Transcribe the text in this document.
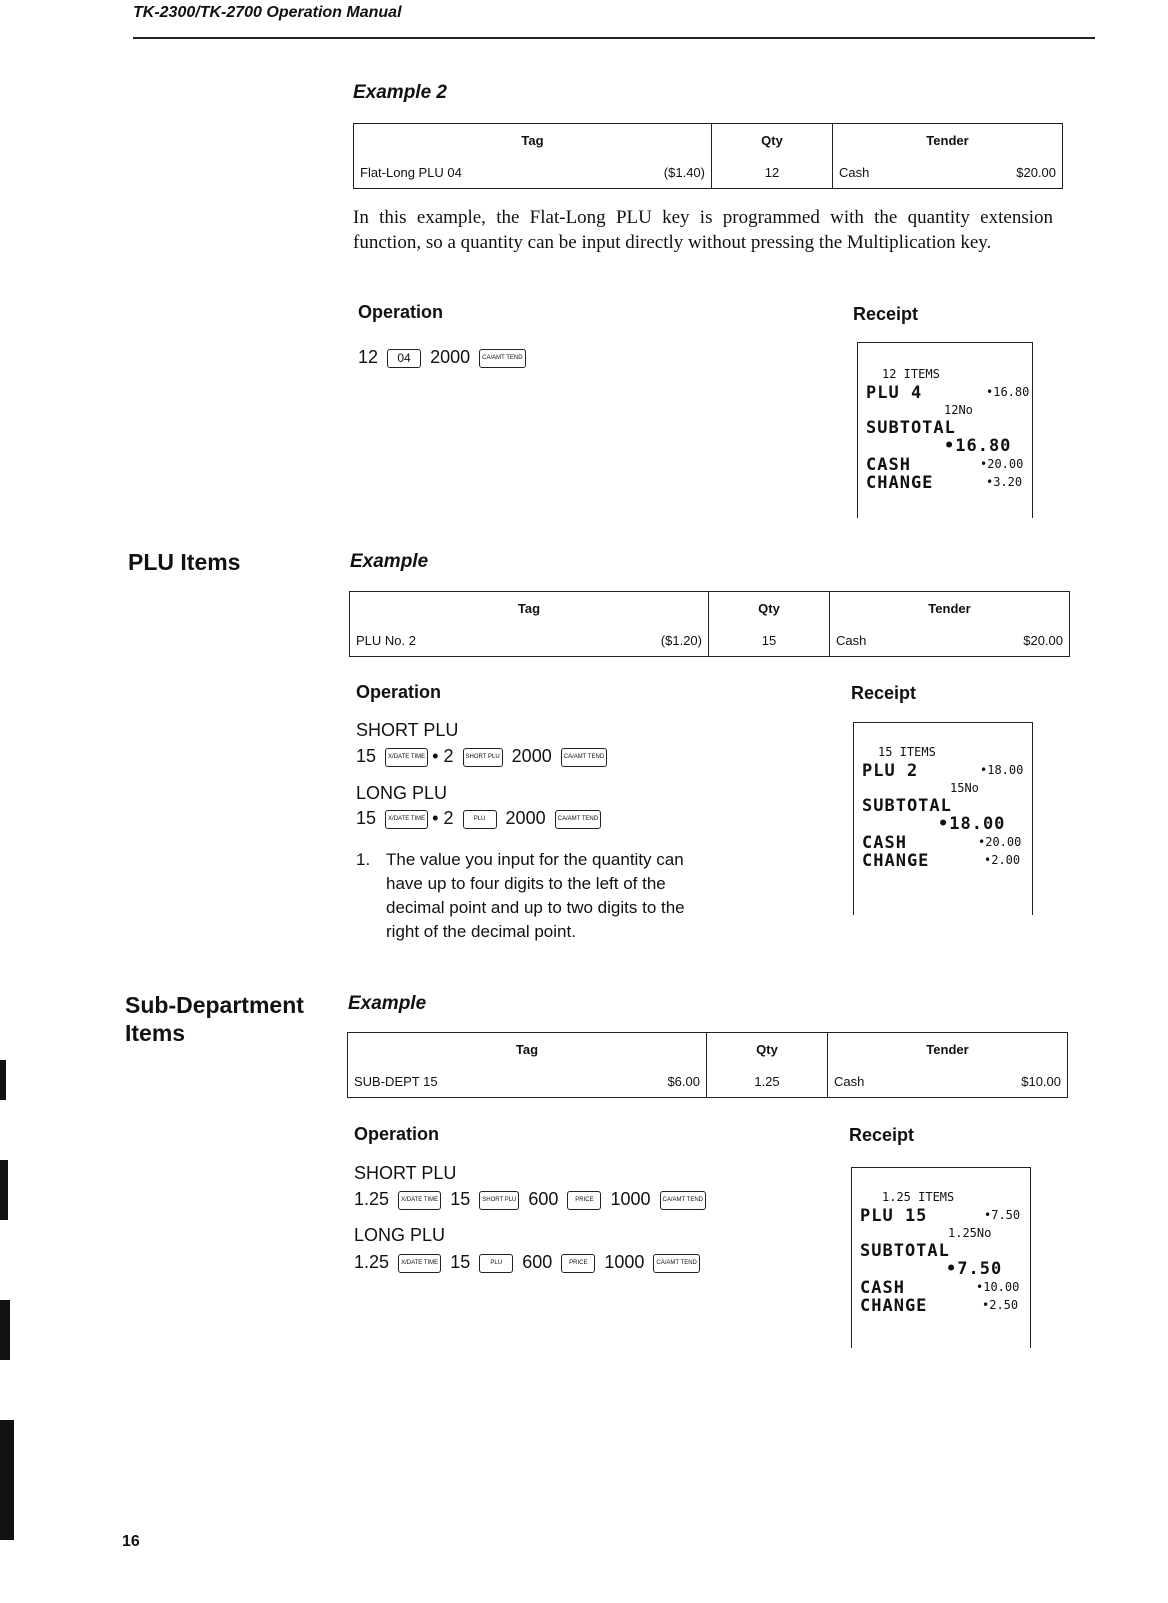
TK-2300/TK-2700 Operation Manual
Example 2
Tag	Qty	Tender

Flat-Long PLU 04 ($1.40)	12	Cash $20.00
In this example, the Flat-Long PLU key is programmed with the quantity extension function, so a quantity can be input directly without pressing the Multiplication key.
Operation	Receipt
12 04 2000 CA/AMT TEND
12 ITEMS
PLU 4	•16.80
12No
SUBTOTAL
•16.80
CASH	•20.00
CHANGE	•3.20
PLU Items	Example
Tag	Qty	Tender

PLU No. 2 ($1.20)	15	Cash $20.00
Operation	Receipt
SHORT PLU
15 X/DATE TIME • 2 SHORT PLU 2000 CA/AMT TEND
LONG PLU
15 X/DATE TIME • 2	PLU 2000 CA/AMT TEND
1. The value you input for the quantity can have up to four digits to the left of the decimal point and up to two digits to the right of the decimal point.
15 ITEMS
PLU 2	•18.00
15No
SUBTOTAL
•18.00
CASH	•20.00
CHANGE	•2.00
Sub-Department
Items
Example
Tag	Qty	Tender

SUB-DEPT 15 $6.00	1.25	Cash $10.00
Operation	Receipt
SHORT PLU
1.25 X/DATE TIME 15 SHORT PLU 600	PRICE 1000 CA/AMT TEND
LONG PLU
1.25 X/DATE TIME 15	PLU 600	PRICE 1000 CA/AMT TEND
1.25 ITEMS
PLU 15	•7.50
1.25No
SUBTOTAL
•7.50
CASH	•10.00
CHANGE	•2.50
16
